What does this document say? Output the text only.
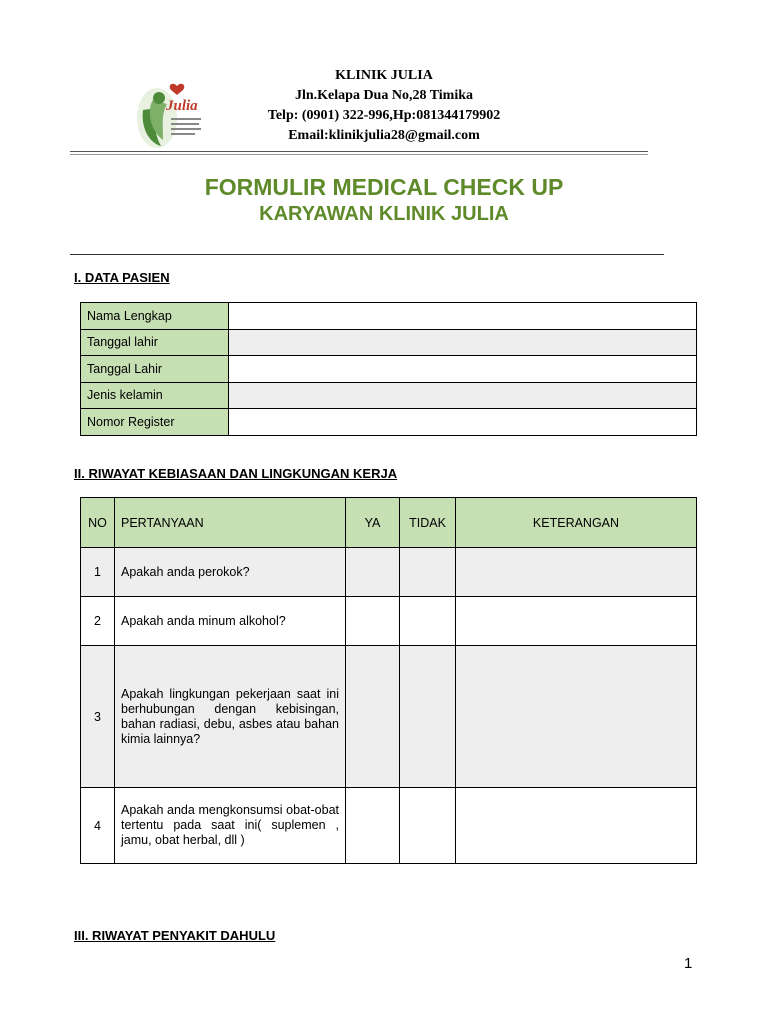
Julia
KLINIK JULIA
Jln.Kelapa Dua No,28 Timika
Telp: (0901) 322-996,Hp:081344179902
Email:klinikjulia28@gmail.com
FORMULIR MEDICAL CHECK UP
KARYAWAN KLINIK JULIA
I. DATA PASIEN
Nama Lengkap	
Tanggal lahir	
Tanggal Lahir	
Jenis kelamin	
Nomor Register	
II. RIWAYAT KEBIASAAN DAN LINGKUNGAN KERJA
NO	PERTANYAAN	YA	TIDAK	KETERANGAN
1	Apakah anda perokok?			
2	Apakah anda minum alkohol?			
3	Apakah lingkungan pekerjaan saat ini berhubungan dengan kebisingan, bahan radiasi, debu, asbes atau bahan kimia lainnya?			
4	Apakah anda mengkonsumsi obat-obat tertentu pada saat ini( suplemen , jamu, obat herbal, dll )			
III. RIWAYAT PENYAKIT DAHULU
1
